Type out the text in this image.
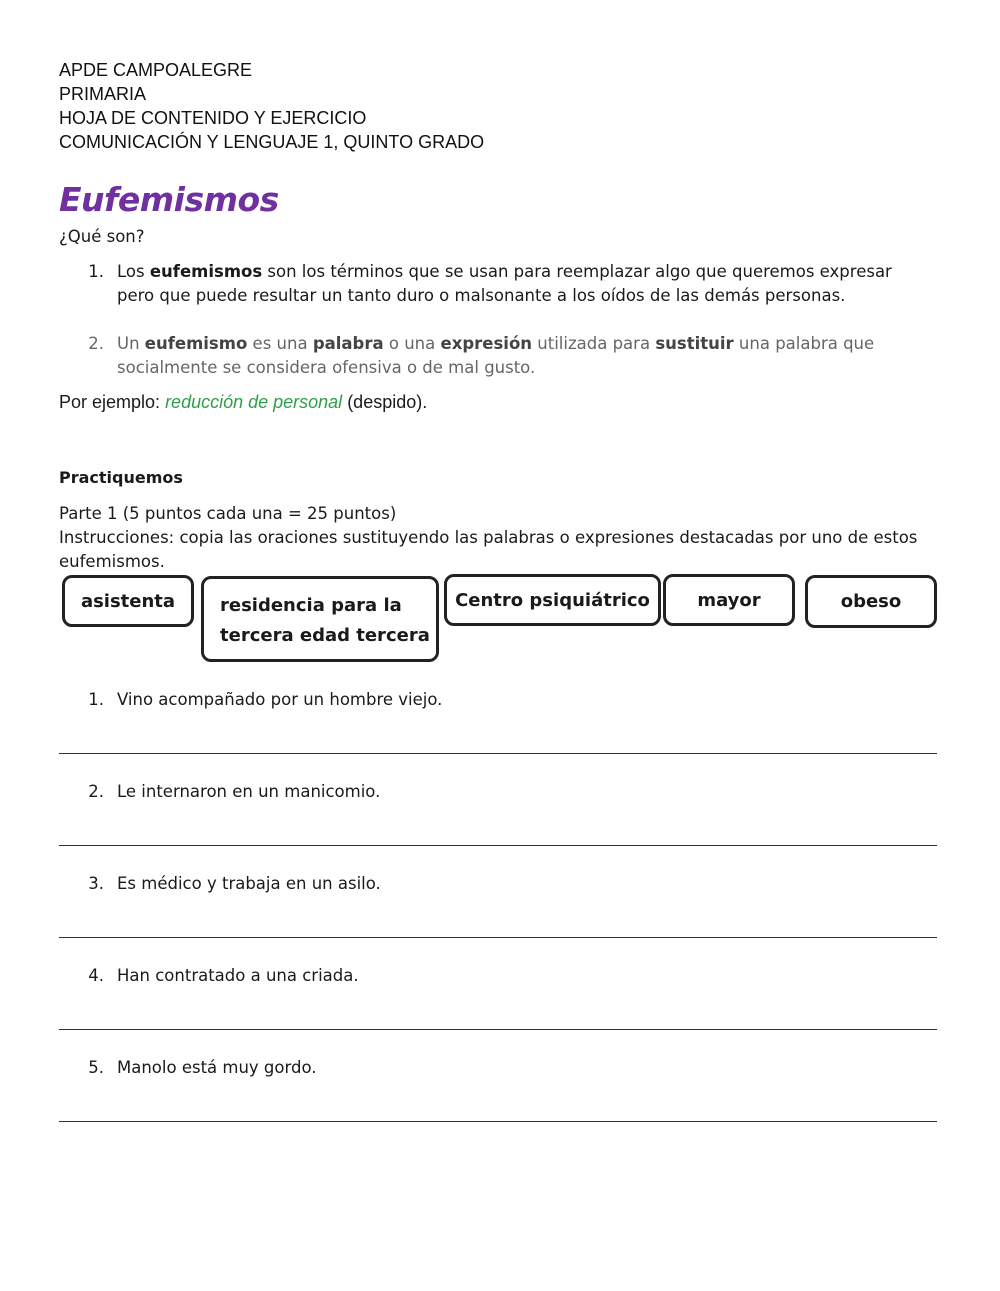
APDE CAMPOALEGRE
PRIMARIA
HOJA DE CONTENIDO Y EJERCICIO
COMUNICACIÓN Y LENGUAJE 1, QUINTO GRADO
Eufemismos
¿Qué son?
1. Los eufemismos son los términos que se usan para reemplazar algo que queremos expresar pero que puede resultar un tanto duro o malsonante a los oídos de las demás personas.
2. Un eufemismo es una palabra o una expresión utilizada para sustituir una palabra que socialmente se considera ofensiva o de mal gusto.
Por ejemplo: reducción de personal (despido).
Practiquemos
Parte 1 (5 puntos cada una = 25 puntos)
Instrucciones: copia las oraciones sustituyendo las palabras o expresiones destacadas por uno de estos eufemismos.
asistenta residencia para la
tercera edad tercera
Centro psiquiátrico	mayor	obeso
1. Vino acompañado por un hombre viejo.
2. Le internaron en un manicomio.
3. Es médico y trabaja en un asilo.
4. Han contratado a una criada.
5. Manolo está muy gordo.
